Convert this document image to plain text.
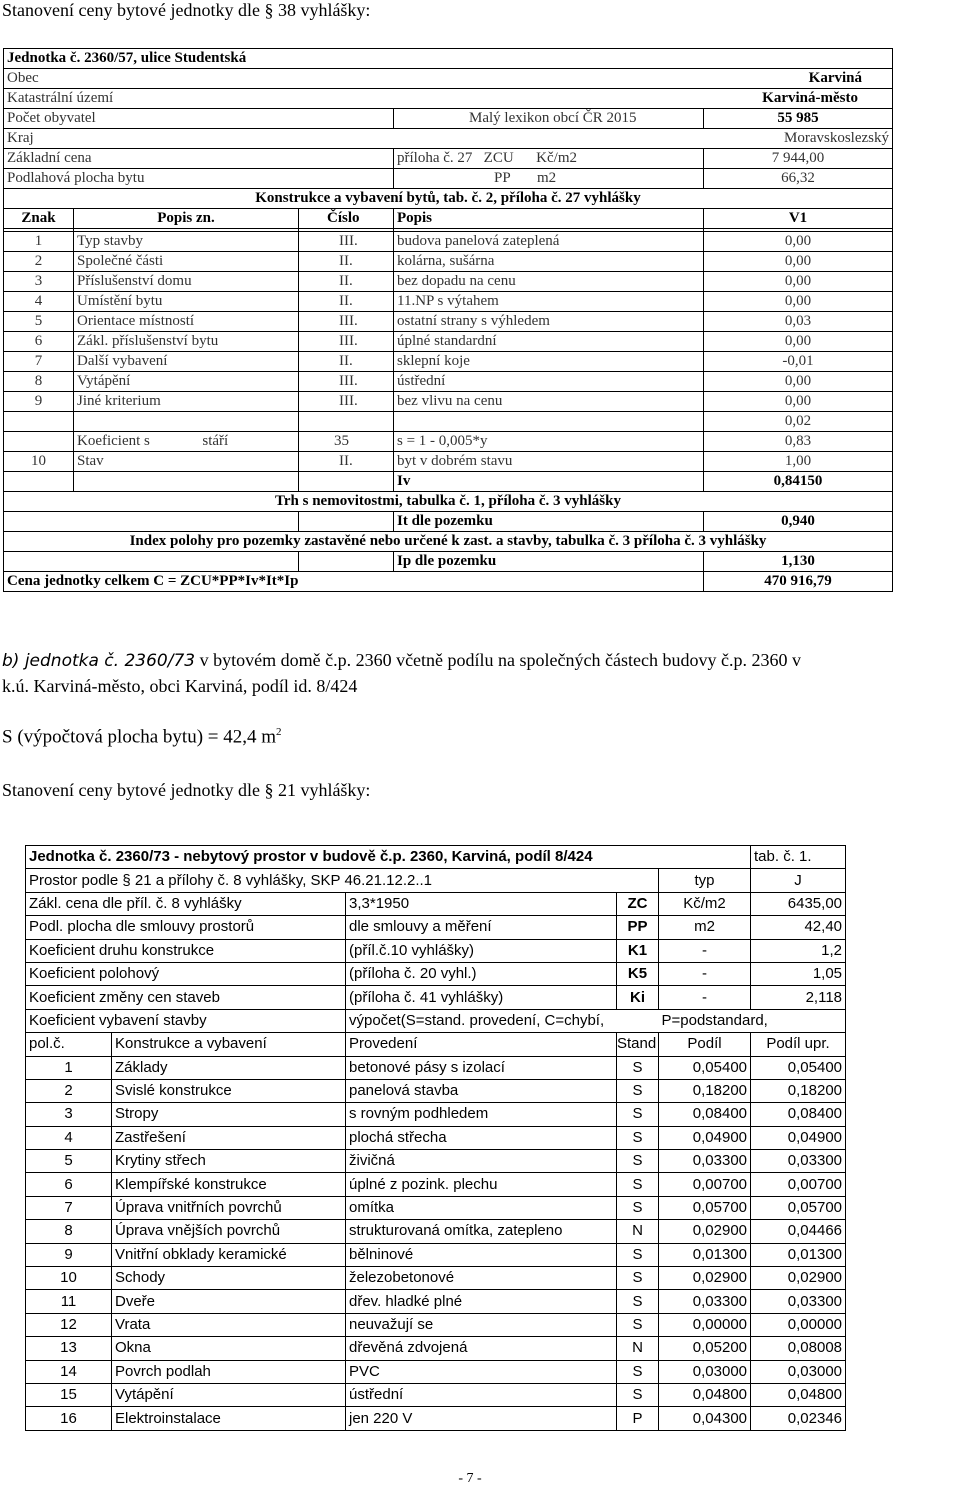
Stanovení ceny bytové jednotky dle § 38 vyhlášky:
Jednotka č. 2360/57, ulice Studentská					
Obec				Karviná	
Katastrální území				Karviná-město	
Počet obyvatel			Malý lexikon obcí ČR 2015		55 985
Kraj				Moravskoslezský	
Základní cena			příloha č. 27 ZCU Kč/m2		7 944,00
Podlahová plocha bytu			PP m2		66,32
Konstrukce a vybavení bytů, tab. č. 2, příloha č. 27 vyhlášky					
Znak	Popis zn.	Číslo	Popis		V1

1	Typ stavby	III.	budova panelová zateplená		0,00
2	Společné části	II.	kolárna, sušárna		0,00
3	Příslušenství domu	II.	bez dopadu na cenu		0,00
4	Umístění bytu	II.	11.NP s výtahem		0,00
5	Orientace místností	III.	ostatní strany s výhledem		0,03
6	Zákl. příslušenství bytu	III.	úplné standardní		0,00
7	Další vybavení	II.	sklepní koje		-0,01
8	Vytápění	III.	ústřední		0,00
9	Jiné kriterium	III.	bez vlivu na cenu		0,00
					0,02
	Koeficient s stáří	35	s = 1 - 0,005*y		0,83
10	Stav	II.	byt v dobrém stavu		1,00
			Iv		0,84150
Trh s nemovitostmi, tabulka č. 1, příloha č. 3 vyhlášky					
			It dle pozemku		0,940
Index polohy pro pozemky zastavěné nebo určené k zast. a stavby, tabulka č. 3 příloha č. 3 vyhlášky					
			Ip dle pozemku		1,130
Cena jednotky celkem C = ZCU*PP*Iv*It*Ip					470 916,79
b) jednotka č. 2360/73 v bytovém domě č.p. 2360 včetně podílu na společných částech budovy č.p. 2360 v
k.ú. Karviná-město, obci Karviná, podíl id. 8/424
S (výpočtová plocha bytu) = 42,4 $m^2$
Stanovení ceny bytové jednotky dle § 21 vyhlášky:
Jednotka č. 2360/73 - nebytový prostor v budově č.p. 2360, Karviná, podíl 8/424					tab. č. 1.
Prostor podle § 21 a přílohy č. 8 vyhlášky, SKP 46.21.12.2..1				typ	J
Zákl. cena dle příl. č. 8 vyhlášky		3,3*1950	ZC	Kč/m2	6435,00
Podl. plocha dle smlouvy prostorů		dle smlouvy a měření	PP	m2	42,40
Koeficient druhu konstrukce		(příl.č.10 vyhlášky)	K1	-	1,2
Koeficient polohový		(příloha č. 20 vyhl.)	K5	-	1,05
Koeficient změny cen staveb		(příloha č. 41 vyhlášky)	Ki	-	2,118
Koeficient vybavení stavby		výpočet(S=stand. provedení, C=chybí,		P=podstandard,	
pol.č.	Konstrukce a vybavení	Provedení	Stand	Podíl	Podíl upr.
1	Základy	betonové pásy s izolací	S	0,05400	0,05400
2	Svislé konstrukce	panelová stavba	S	0,18200	0,18200
3	Stropy	s rovným podhledem	S	0,08400	0,08400
4	Zastřešení	plochá střecha	S	0,04900	0,04900
5	Krytiny střech	živičná	S	0,03300	0,03300
6	Klempířské konstrukce	úplné z pozink. plechu	S	0,00700	0,00700
7	Úprava vnitřních povrchů	omítka	S	0,05700	0,05700
8	Úprava vnějších povrchů	strukturovaná omítka, zatepleno	N	0,02900	0,04466
9	Vnitřní obklady keramické	bělninové	S	0,01300	0,01300
10	Schody	železobetonové	S	0,02900	0,02900
11	Dveře	dřev. hladké plné	S	0,03300	0,03300
12	Vrata	neuvažují se	S	0,00000	0,00000
13	Okna	dřevěná zdvojená	N	0,05200	0,08008
14	Povrch podlah	PVC	S	0,03000	0,03000
15	Vytápění	ústřední	S	0,04800	0,04800
16	Elektroinstalace	jen 220 V	P	0,04300	0,02346
- 7 -
